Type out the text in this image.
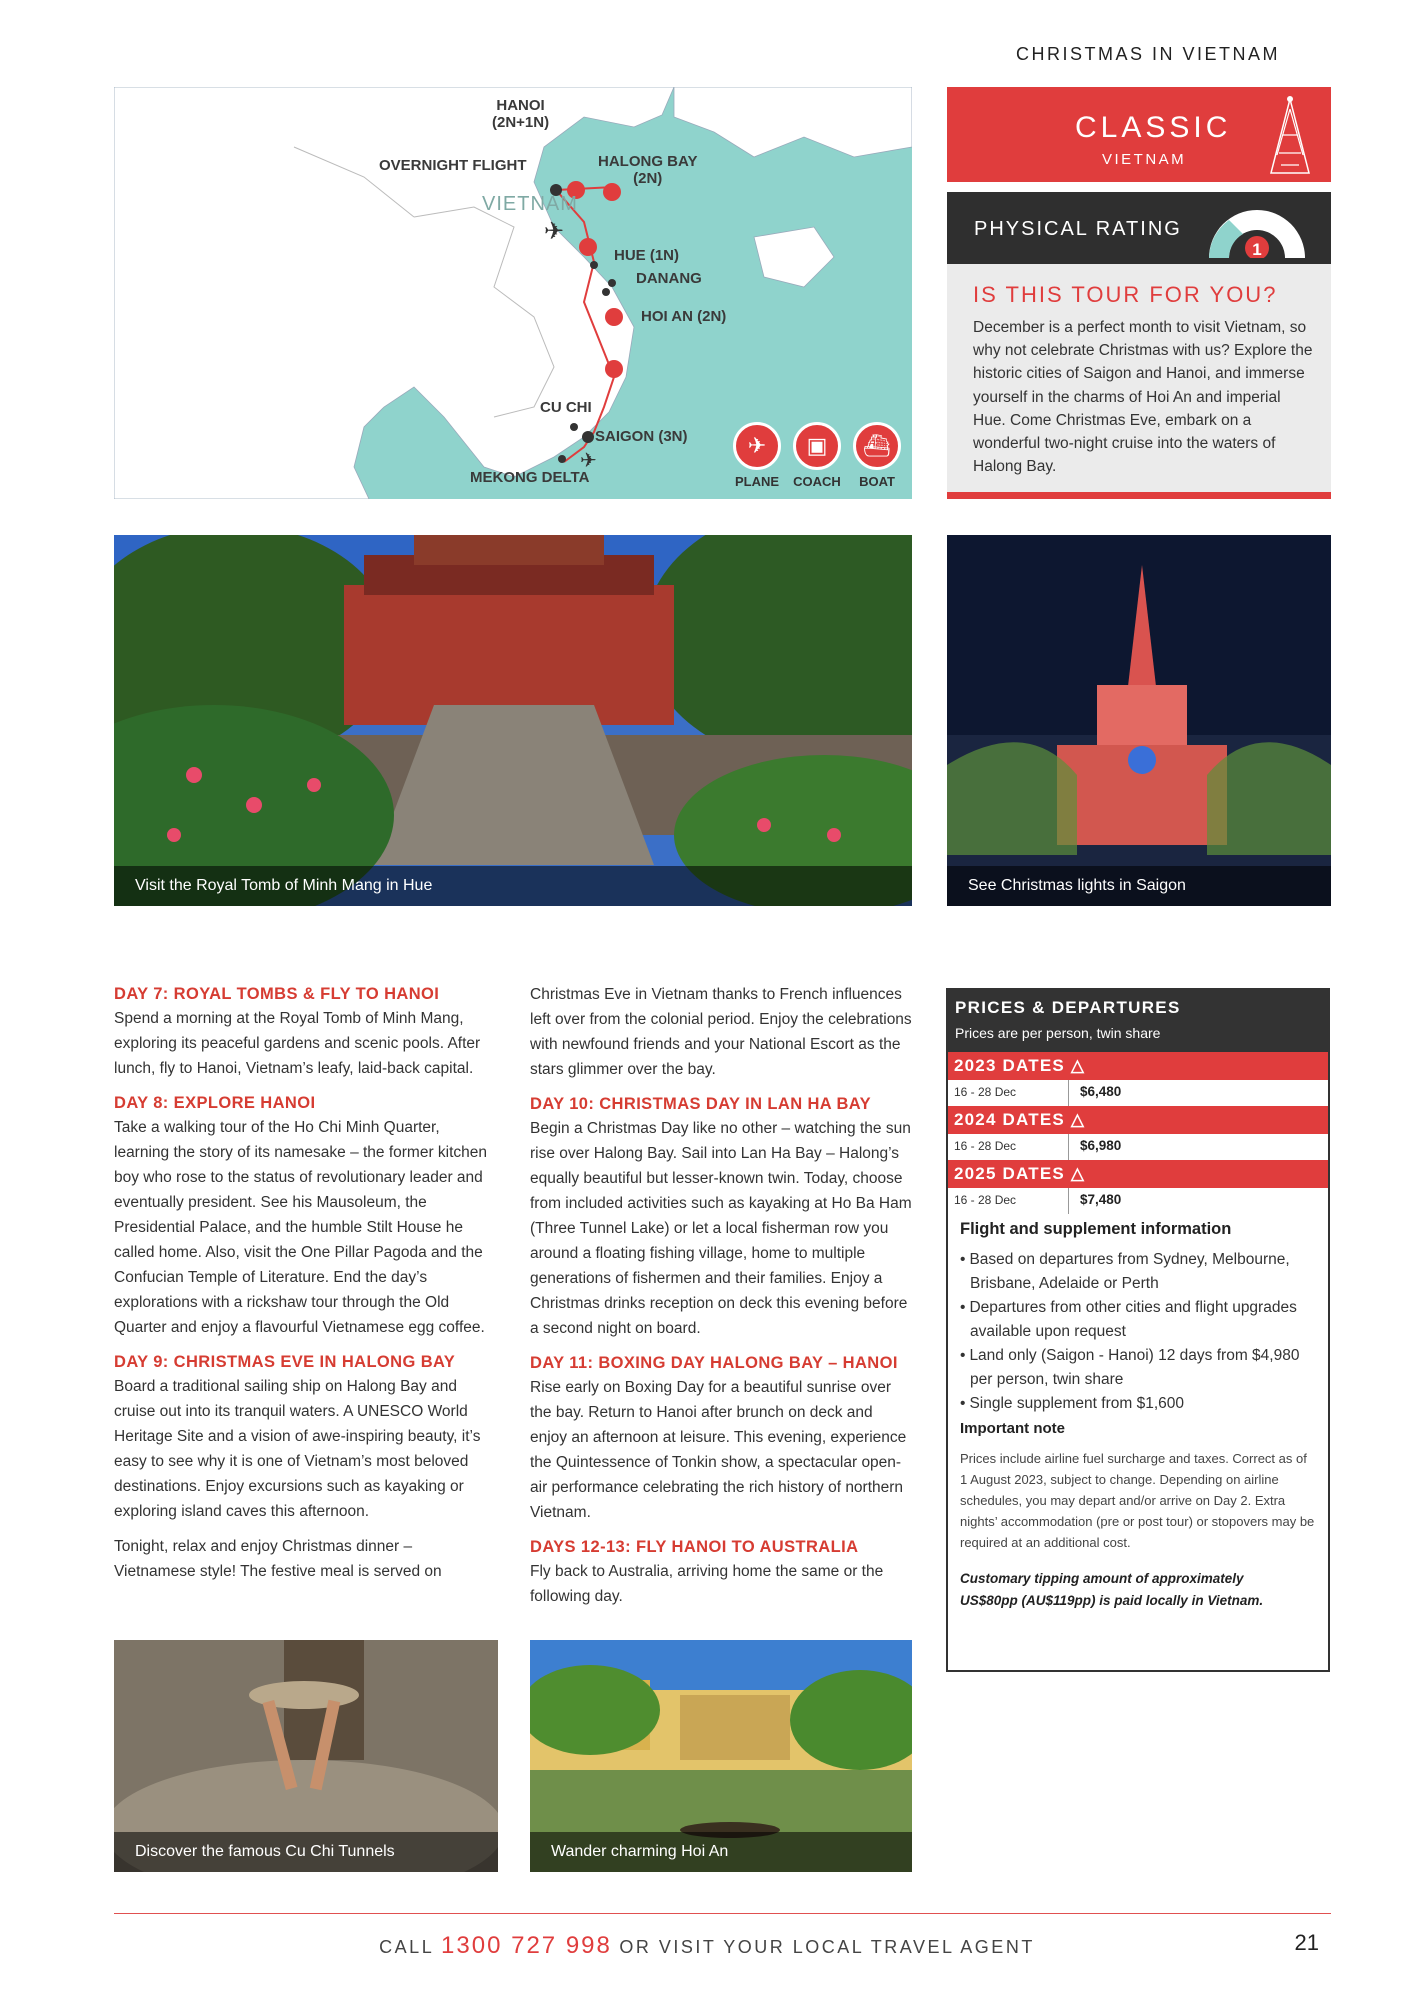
CHRISTMAS IN VIETNAM
✈
✈
HANOI
(2N+1N)
OVERNIGHT FLIGHT	HALONG BAY
(2N)
VIETNAM
HUE (1N)
DANANG
HOI AN (2N)
CU CHI
SAIGON (3N)
MEKONG DELTA
✈
PLANE
▣
COACH
⛴
BOAT
CLASSIC
VIETNAM
PHYSICAL RATING
1
IS THIS TOUR FOR YOU?
December is a perfect month to visit Vietnam, so why not celebrate Christmas with us? Explore the historic cities of Saigon and Hanoi, and immerse yourself in the charms of Hoi An and imperial Hue. Come Christmas Eve, embark on a wonderful two-night cruise into the waters of Halong Bay.
Visit the Royal Tomb of Minh Mang in Hue	See Christmas lights in Saigon
DAY 7: ROYAL TOMBS & FLY TO HANOI

Spend a morning at the Royal Tomb of Minh Mang, exploring its peaceful gardens and scenic pools. After lunch, fly to Hanoi, Vietnam’s leafy, laid-back capital.

DAY 8: EXPLORE HANOI

Take a walking tour of the Ho Chi Minh Quarter, learning the story of its namesake – the former kitchen boy who rose to the status of revolutionary leader and eventually president. See his Mausoleum, the Presidential Palace, and the humble Stilt House he called home. Also, visit the One Pillar Pagoda and the Confucian Temple of Literature. End the day’s explorations with a rickshaw tour through the Old Quarter and enjoy a flavourful Vietnamese egg coffee.

DAY 9: CHRISTMAS EVE IN HALONG BAY

Board a traditional sailing ship on Halong Bay and cruise out into its tranquil waters. A UNESCO World Heritage Site and a vision of awe-inspiring beauty, it’s easy to see why it is one of Vietnam’s most beloved destinations. Enjoy excursions such as kayaking or exploring island caves this afternoon.

Tonight, relax and enjoy Christmas dinner – Vietnamese style! The festive meal is served on

Christmas Eve in Vietnam thanks to French influences left over from the colonial period. Enjoy the celebrations with newfound friends and your National Escort as the stars glimmer over the bay.

DAY 10: CHRISTMAS DAY IN LAN HA BAY

Begin a Christmas Day like no other – watching the sun rise over Halong Bay. Sail into Lan Ha Bay – Halong’s equally beautiful but lesser-known twin. Today, choose from included activities such as kayaking at Ho Ba Ham (Three Tunnel Lake) or let a local fisherman row you around a floating fishing village, home to multiple generations of fishermen and their families. Enjoy a Christmas drinks reception on deck this evening before a second night on board.

DAY 11: BOXING DAY HALONG BAY – HANOI

Rise early on Boxing Day for a beautiful sunrise over the bay. Return to Hanoi after brunch on deck and enjoy an afternoon at leisure. This evening, experience the Quintessence of Tonkin show, a spectacular open-air performance celebrating the rich history of northern Vietnam.

DAYS 12-13: FLY HANOI TO AUSTRALIA

Fly back to Australia, arriving home the same or the following day.

PRICES & DEPARTURES
Prices are per person, twin share
2023 DATES △
16 - 28 Dec	$6,480
2024 DATES △
16 - 28 Dec	$6,980
2025 DATES △
16 - 28 Dec	$7,480
Flight and supplement information
• Based on departures from Sydney, Melbourne, Brisbane, Adelaide or Perth
• Departures from other cities and flight upgrades available upon request
• Land only (Saigon - Hanoi) 12 days from $4,980 per person, twin share
• Single supplement from $1,600
Important note
Prices include airline fuel surcharge and taxes. Correct as of 1 August 2023, subject to change. Depending on airline schedules, you may depart and/or arrive on Day 2. Extra nights’ accommodation (pre or post tour) or stopovers may be required at an additional cost.
Customary tipping amount of approximately US$80pp (AU$119pp) is paid locally in Vietnam.
Discover the famous Cu Chi Tunnels	Wander charming Hoi An
CALL 1300 727 998 OR VISIT YOUR LOCAL TRAVEL AGENT	21
